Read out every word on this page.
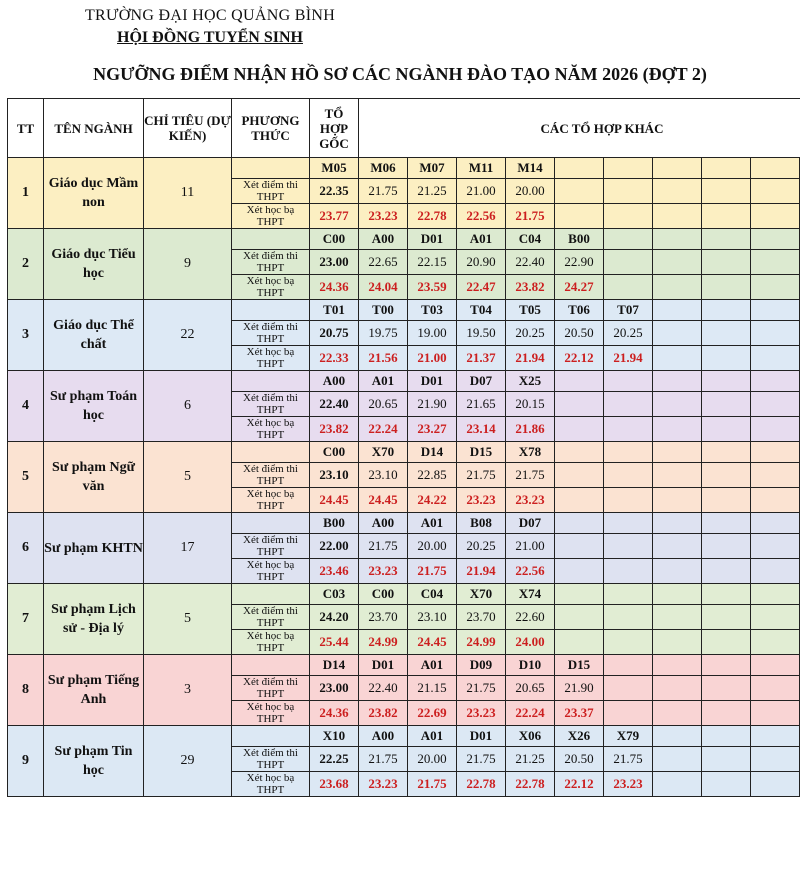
TRƯỜNG ĐẠI HỌC QUẢNG BÌNH
HỘI ĐỒNG TUYỂN SINH
NGƯỠNG ĐIỂM NHẬN HỒ SƠ CÁC NGÀNH ĐÀO TẠO NĂM 2026 (ĐỢT 2)
TT	TÊN NGÀNH	CHỈ TIÊU (DỰ KIẾN)	PHƯƠNG THỨC	TỔ HỢP GỐC	CÁC TỔ HỢP KHÁC									
1	Giáo dục Mầm non	11		M05	M06	M07	M11	M14						
			Xét điểm thi THPT	22.35	21.75	21.25	21.00	20.00						
			Xét học bạ THPT	23.77	23.23	22.78	22.56	21.75						
2	Giáo dục Tiểu học	9		C00	A00	D01	A01	C04	B00					
			Xét điểm thi THPT	23.00	22.65	22.15	20.90	22.40	22.90					
			Xét học bạ THPT	24.36	24.04	23.59	22.47	23.82	24.27					
3	Giáo dục Thể chất	22		T01	T00	T03	T04	T05	T06	T07				
			Xét điểm thi THPT	20.75	19.75	19.00	19.50	20.25	20.50	20.25				
			Xét học bạ THPT	22.33	21.56	21.00	21.37	21.94	22.12	21.94				
4	Sư phạm Toán học	6		A00	A01	D01	D07	X25						
			Xét điểm thi THPT	22.40	20.65	21.90	21.65	20.15						
			Xét học bạ THPT	23.82	22.24	23.27	23.14	21.86						
5	Sư phạm Ngữ văn	5		C00	X70	D14	D15	X78						
			Xét điểm thi THPT	23.10	23.10	22.85	21.75	21.75						
			Xét học bạ THPT	24.45	24.45	24.22	23.23	23.23						
6	Sư phạm KHTN	17		B00	A00	A01	B08	D07						
			Xét điểm thi THPT	22.00	21.75	20.00	20.25	21.00						
			Xét học bạ THPT	23.46	23.23	21.75	21.94	22.56						
7	Sư phạm Lịch sử - Địa lý	5		C03	C00	C04	X70	X74						
			Xét điểm thi THPT	24.20	23.70	23.10	23.70	22.60						
			Xét học bạ THPT	25.44	24.99	24.45	24.99	24.00						
8	Sư phạm Tiếng Anh	3		D14	D01	A01	D09	D10	D15					
			Xét điểm thi THPT	23.00	22.40	21.15	21.75	20.65	21.90					
			Xét học bạ THPT	24.36	23.82	22.69	23.23	22.24	23.37					
9	Sư phạm Tin học	29		X10	A00	A01	D01	X06	X26	X79				
			Xét điểm thi THPT	22.25	21.75	20.00	21.75	21.25	20.50	21.75				
			Xét học bạ THPT	23.68	23.23	21.75	22.78	22.78	22.12	23.23				
